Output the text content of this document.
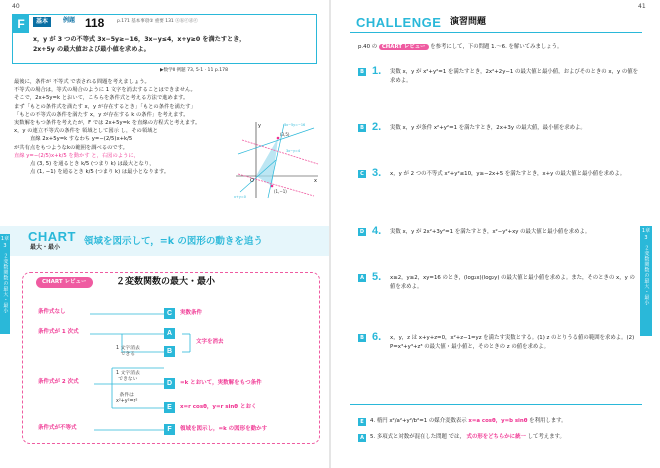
40
F	基本	例題 118	p.171 基本事項② 重要 131 ⓐⓑⓒⓓⓔ
x，y が 3 つの不等式 3x−5y≥−16，3x−y≤4，x+y≥0 を満たすとき，
2x+5y の最大値および最小値を求めよ。
▶数学Ⅱ 例題 73, 5·1 · 11 p.178
最後に，条件が 不等式 で表される問題を考えましょう。
不等式の場合は，等式の場合のように 1 文字を消去することはできません。
そこで，2x+5y=k とおいて，こちらを条件式と考える方法で進めます。
まず「もとの条件式を満たす x，y が存在するとき」「もとの条件を満たす」
「もとの不等式の条件を満たす x，y が存在する k の条件」を考えます。
実数解をもつ条件を考えたが，F では 2x+5y=k を直線の方程式と考えます。
x，y の連立不等式の条件を 領域として図示 し，その領域と
直線 2x+5y=k すなわち y=−(2/5)x+k/5
が共有点をもつようなkの範囲を調べるのです。
直線 y=−(2/5)x+k/5 を動かす と，右図のように，
点 (3, 5) を通るとき k/5 (つまり k) は最大となり，
点 (1, −1) を通るとき k/5 (つまり k) は最小となります。
y
O	x
(3,5)
(1,−1)
3x−5y=−16
3x−y=4
x+y=0
1章
3
２変数関数の最大・最小
CHART
最大・最小
領域を図示して，=k の図形の動きを追う
CHART レビュー	２変数関数の最大・最小
条件式なし
条件式が 1 次式
条件式が 2 次式
条件式が不等式
1 文字消去
できる
1 文字消去
できない
条件は
x²+y²=r²
C
A
B
D
E
F
実数条件
文字を消去
=k とおいて，実数解をもつ条件
x=r cosθ，y=r sinθ とおく
領域を図示し，=k の図形を動かす
41
CHALLENGE 演習問題
p.40 の CHART レビュー を参考にして，下の問題 1.～6. を解いてみましょう。
B 1. 実数 x，y が x²+y²=1 を満たすとき，2x²+2y−1 の最大値と最小値，およびそのときの x，y の値を求めよ。
B 2. 実数 x，y が条件 x²+y²=1 を満たすとき，2x+3y の最大値，最小値を求めよ。
C 3. x，y が 2 つの不等式 x²+y²≤10，y≥−2x+5 を満たすとき，x+y の最大値と最小値を求めよ。
D 4. 実数 x，y が 2x²+3y²=1 を満たすとき，x²−y²+xy の最大値と最小値を求めよ。
A 5. x≥2，y≥2，xy=16 のとき，(log₂x)(log₂y) の最大値と最小値を求めよ。また，そのときの x，y の値を求めよ。
B 6. x，y，z は x+y+z=0，x²+z−1=yz を満たす実数とする。(1) z のとりうる値の範囲を求めよ。(2) P=x³+y³+z³ の最大値・最小値と，そのときの z の値を求めよ。
1章
3
２変数関数の最大・最小
E	4. 楕円 x²/a²+y²/b²=1 の媒介変数表示 x=a cosθ，y=b sinθ を利用します。
A	5. 多項式と対数が混在した問題 では， 式の形をどちらかに統一 して考えます。
